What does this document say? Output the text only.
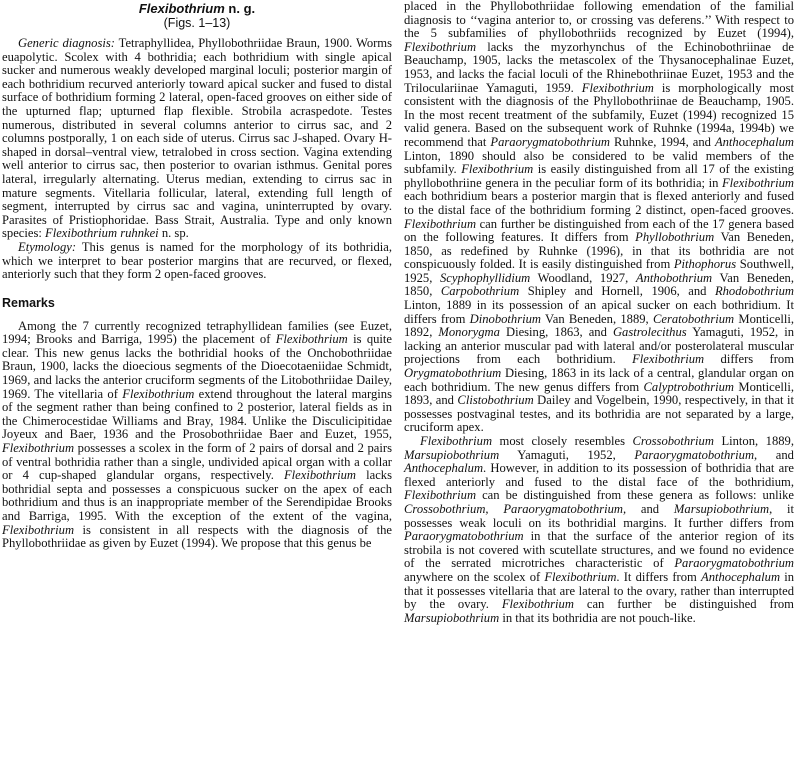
Flexibothrium n. g.
(Figs. 1–13)

Generic diagnosis: Tetraphyllidea, Phyllobothriidae Braun, 1900. Worms euapolytic. Scolex with 4 bothridia; each bothridium with single apical sucker and numerous weakly developed marginal loculi; posterior margin of each bothridium recurved anteriorly toward apical sucker and fused to distal surface of bothridium forming 2 lateral, open-faced grooves on either side of the upturned flap; upturned flap flexible. Strobila acraspedote. Testes numerous, distributed in several columns anterior to cirrus sac, and 2 columns postporally, 1 on each side of uterus. Cirrus sac J-shaped. Ovary H-shaped in dorsal–ventral view, tetralobed in cross section. Vagina extending well anterior to cirrus sac, then posterior to ovarian isthmus. Genital pores lateral, irregularly alternating. Uterus median, extending to cirrus sac in mature segments. Vitellaria follicular, lateral, extending full length of segment, interrupted by cirrus sac and vagina, uninterrupted by ovary. Parasites of Pristiophoridae. Bass Strait, Australia. Type and only known species: Flexibothrium ruhnkei n. sp.

Etymology: This genus is named for the morphology of its bothridia, which we interpret to bear posterior margins that are recurved, or flexed, anteriorly such that they form 2 open-faced grooves.

Remarks

Among the 7 currently recognized tetraphyllidean families (see Euzet, 1994; Brooks and Barriga, 1995) the placement of Flexibothrium is quite clear. This new genus lacks the bothridial hooks of the Onchobothriidae Braun, 1900, lacks the dioecious segments of the Dioecotaeniidae Schmidt, 1969, and lacks the anterior cruciform segments of the Litobothriidae Dailey, 1969. The vitellaria of Flexibothrium extend throughout the lateral margins of the segment rather than being confined to 2 posterior, lateral fields as in the Chimerocestidae Williams and Bray, 1984. Unlike the Disculicipitidae Joyeux and Baer, 1936 and the Prosobothriidae Baer and Euzet, 1955, Flexibothrium possesses a scolex in the form of 2 pairs of dorsal and 2 pairs of ventral bothridia rather than a single, undivided apical organ with a collar or 4 cup-shaped glandular organs, respectively. Flexibothrium lacks bothridial septa and possesses a conspicuous sucker on the apex of each bothridium and thus is an inappropriate member of the Serendipidae Brooks and Barriga, 1995. With the exception of the extent of the vagina, Flexibothrium is consistent in all respects with the diagnosis of the Phyllobothriidae as given by Euzet (1994). We propose that this genus be

placed in the Phyllobothriidae following emendation of the familial diagnosis to ‘‘vagina anterior to, or crossing vas deferens.’’ With respect to the 5 subfamilies of phyllobothriids recognized by Euzet (1994), Flexibothrium lacks the myzorhynchus of the Echinobothriinae de Beauchamp, 1905, lacks the metascolex of the Thysanocephalinae Euzet, 1953, and lacks the facial loculi of the Rhinebothriinae Euzet, 1953 and the Triloculariinae Yamaguti, 1959. Flexibothrium is morphologically most consistent with the diagnosis of the Phyllobothriinae de Beauchamp, 1905. In the most recent treatment of the subfamily, Euzet (1994) recognized 15 valid genera. Based on the subsequent work of Ruhnke (1994a, 1994b) we recommend that Paraorygmatobothrium Ruhnke, 1994, and Anthocephalum Linton, 1890 should also be considered to be valid members of the subfamily. Flexibothrium is easily distinguished from all 17 of the existing phyllobothriine genera in the peculiar form of its bothridia; in Flexibothrium each bothridium bears a posterior margin that is flexed anteriorly and fused to the distal face of the bothridium forming 2 distinct, open-faced grooves. Flexibothrium can further be distinguished from each of the 17 genera based on the following features. It differs from Phyllobothrium Van Beneden, 1850, as redefined by Ruhnke (1996), in that its bothridia are not conspicuously folded. It is easily distinguished from Pithophorus Southwell, 1925, Scyphophyllidium Woodland, 1927, Anthobothrium Van Beneden, 1850, Carpobothrium Shipley and Hornell, 1906, and Rhodobothrium Linton, 1889 in its possession of an apical sucker on each bothridium. It differs from Dinobothrium Van Beneden, 1889, Ceratobothrium Monticelli, 1892, Monorygma Diesing, 1863, and Gastrolecithus Yamaguti, 1952, in lacking an anterior muscular pad with lateral and/or posterolateral muscular projections from each bothridium. Flexibothrium differs from Orygmatobothrium Diesing, 1863 in its lack of a central, glandular organ on each bothridium. The new genus differs from Calyptrobothrium Monticelli, 1893, and Clistobothrium Dailey and Vogelbein, 1990, respectively, in that it possesses postvaginal testes, and its bothridia are not separated by a large, cruciform apex.

Flexibothrium most closely resembles Crossobothrium Linton, 1889, Marsupiobothrium Yamaguti, 1952, Paraorygmatobothrium, and Anthocephalum. However, in addition to its possession of bothridia that are flexed anteriorly and fused to the distal face of the bothridium, Flexibothrium can be distinguished from these genera as follows: unlike Crossobothrium, Paraorygmatobothrium, and Marsupiobothrium, it possesses weak loculi on its bothridial margins. It further differs from Paraorygmatobothrium in that the surface of the anterior region of its strobila is not covered with scutellate structures, and we found no evidence of the serrated microtriches characteristic of Paraorygmatobothrium anywhere on the scolex of Flexibothrium. It differs from Anthocephalum in that it possesses vitellaria that are lateral to the ovary, rather than interrupted by the ovary. Flexibothrium can further be distinguished from Marsupiobothrium in that its bothridia are not pouch-like.
